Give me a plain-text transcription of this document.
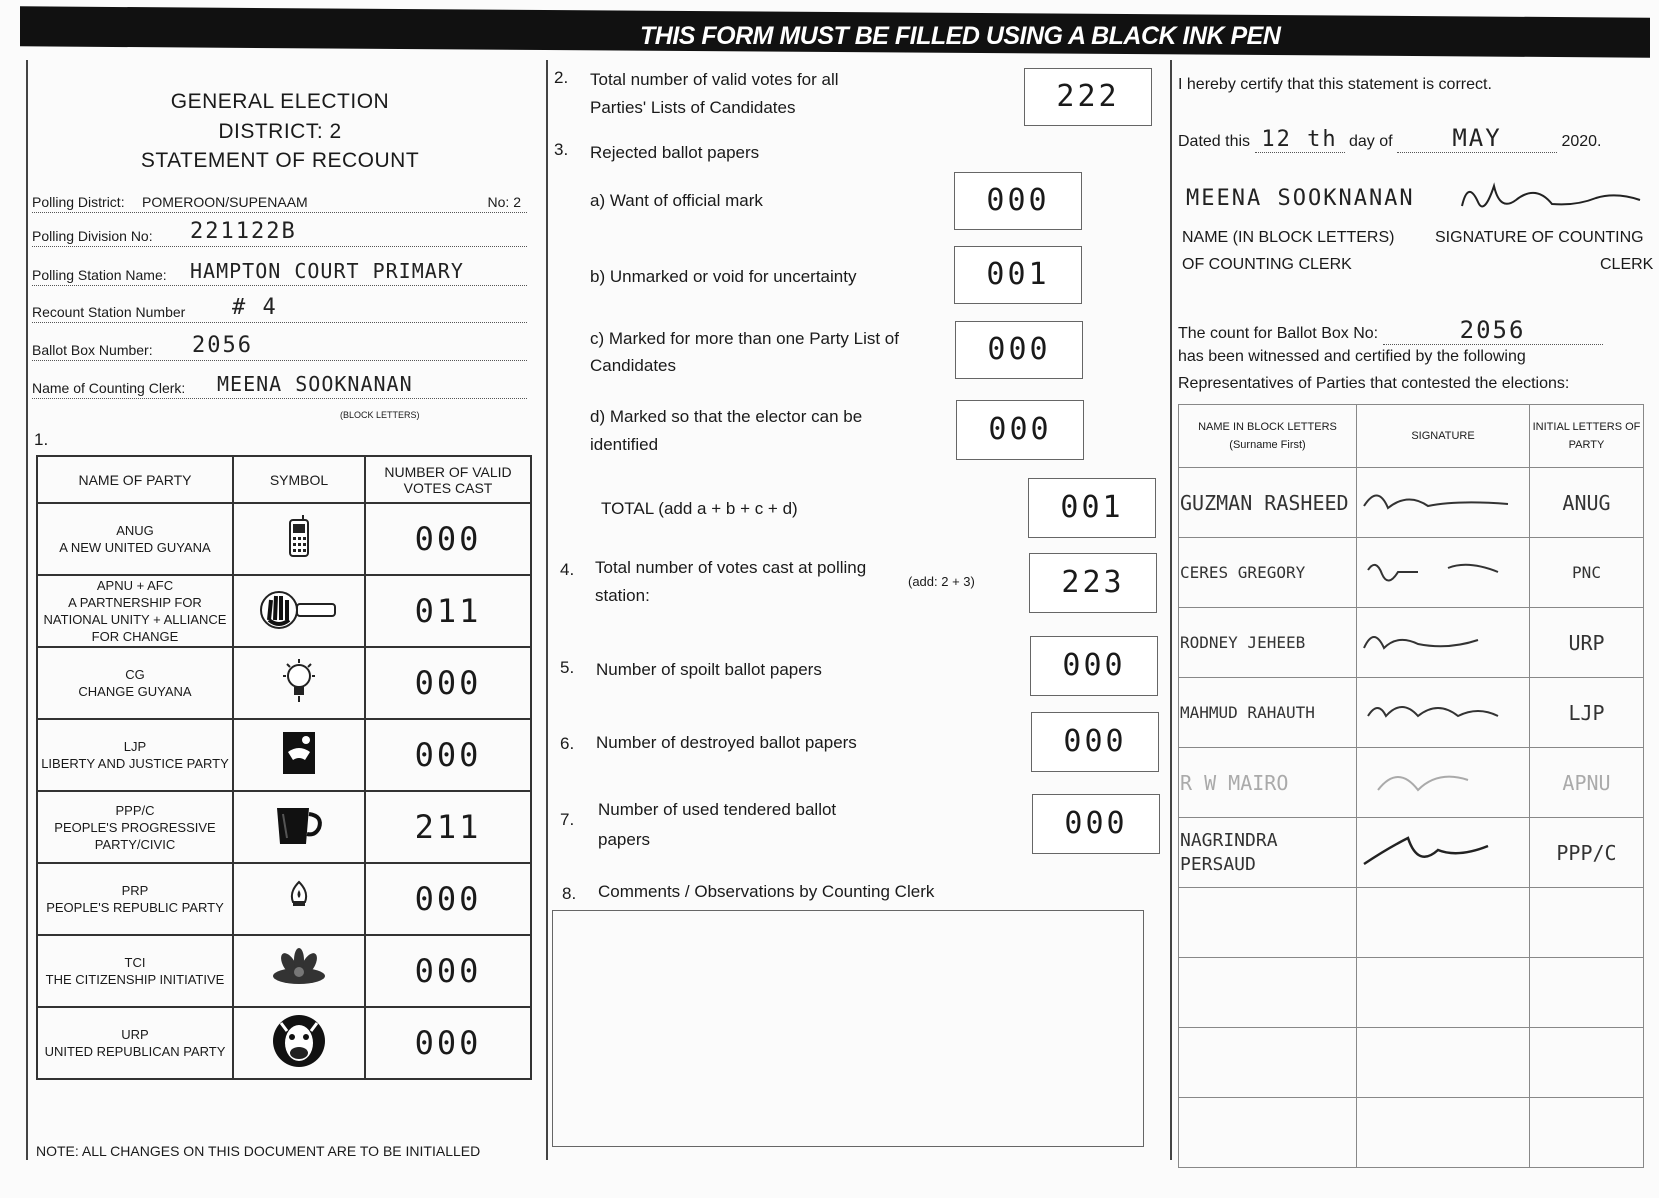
THIS FORM MUST BE FILLED USING A BLACK INK PEN
GENERAL ELECTION
DISTRICT: 2
STATEMENT OF RECOUNT
Polling District: POMEROON/SUPENAAM	No: 2
Polling Division No: 221122B
Polling Station Name: HAMPTON COURT PRIMARY
Recount Station Number # 4
Ballot Box Number: 2056
Name of Counting Clerk: MEENA SOOKNANAN
(BLOCK LETTERS)
1.
NAME OF PARTY	SYMBOL	NUMBER OF VALID VOTES CAST

ANUG
A NEW UNITED GUYANA		000

APNU + AFC
A PARTNERSHIP FOR NATIONAL UNITY + ALLIANCE FOR CHANGE		011

CG
CHANGE GUYANA		000

LJP
LIBERTY AND JUSTICE PARTY		000

PPP/C
PEOPLE'S PROGRESSIVE PARTY/CIVIC		211

PRP
PEOPLE'S REPUBLIC PARTY		000

TCI
THE CITIZENSHIP INITIATIVE		000

URP
UNITED REPUBLICAN PARTY		000
NOTE: ALL CHANGES ON THIS DOCUMENT ARE TO BE INITIALLED
2. Total number of valid votes for all
Parties' Lists of Candidates	222
3. Rejected ballot papers
a) Want of official mark	000
b) Unmarked or void for uncertainty	001
c) Marked for more than one Party List of
Candidates	000
d) Marked so that the elector can be
identified	000
TOTAL (add a + b + c + d)	001
4. Total number of votes cast at polling
station:
(add: 2 + 3)	223
5. Number of spoilt ballot papers	000
6. Number of destroyed ballot papers	000
7.
Number of used tendered ballot
papers	000
8. Comments / Observations by Counting Clerk
I hereby certify that this statement is correct.
Dated this 12 th day of MAY	2020.
MEENA SOOKNANAN
NAME (IN BLOCK LETTERS)
OF COUNTING CLERK
SIGNATURE OF COUNTING
CLERK
The count for Ballot Box No:	2056
has been witnessed and certified by the following
Representatives of Parties that contested the elections:
NAME IN BLOCK LETTERS (Surname First)	SIGNATURE	INITIAL LETTERS OF PARTY
GUZMAN RASHEED		ANUG
CERES GREGORY		PNC
RODNEY JEHEEB		URP
MAHMUD RAHAUTH		LJP
R W MAIRO		APNU
NAGRINDRA PERSAUD		PPP/C
